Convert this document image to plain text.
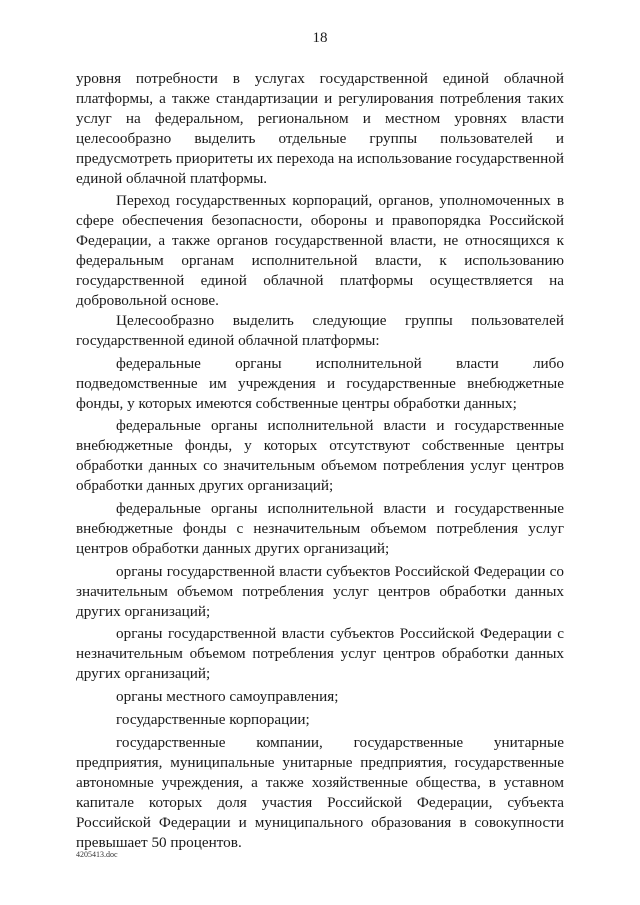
18

уровня потребности в услугах государственной единой облачной платформы, а также стандартизации и регулирования потребления таких услуг на федеральном, региональном и местном уровнях власти целесообразно выделить отдельные группы пользователей и предусмотреть приоритеты их перехода на использование государственной единой облачной платформы.

Переход государственных корпораций, органов, уполномоченных в сфере обеспечения безопасности, обороны и правопорядка Российской Федерации, а также органов государственной власти, не относящихся к федеральным органам исполнительной власти, к использованию государственной единой облачной платформы осуществляется на добровольной основе.

Целесообразно выделить следующие группы пользователей государственной единой облачной платформы:

федеральные органы исполнительной власти либо подведомственные им учреждения и государственные внебюджетные фонды, у которых имеются собственные центры обработки данных;

федеральные органы исполнительной власти и государственные внебюджетные фонды, у которых отсутствуют собственные центры обработки данных со значительным объемом потребления услуг центров обработки данных других организаций;

федеральные органы исполнительной власти и государственные внебюджетные фонды с незначительным объемом потребления услуг центров обработки данных других организаций;

органы государственной власти субъектов Российской Федерации со значительным объемом потребления услуг центров обработки данных других организаций;

органы государственной власти субъектов Российской Федерации с незначительным объемом потребления услуг центров обработки данных других организаций;

органы местного самоуправления;

государственные корпорации;

государственные компании, государственные унитарные предприятия, муниципальные унитарные предприятия, государственные автономные учреждения, а также хозяйственные общества, в уставном капитале которых доля участия Российской Федерации, субъекта Российской Федерации и муниципального образования в совокупности превышает 50 процентов.

4205413.doc
